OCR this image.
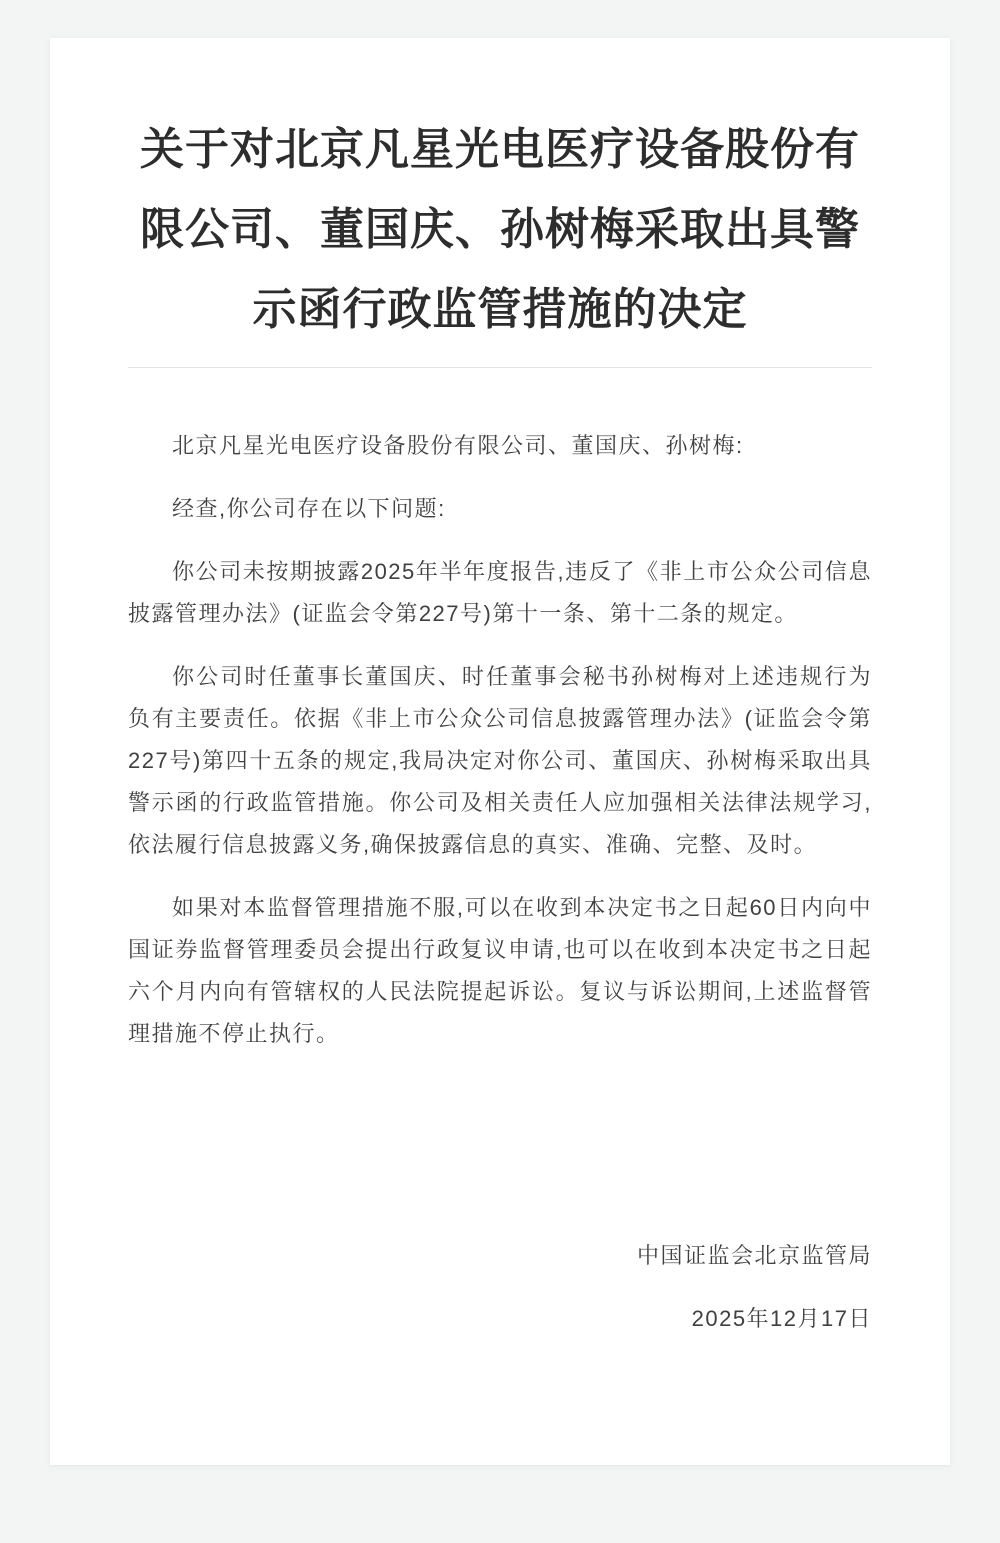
关于对北京凡星光电医疗设备股份有限公司、董国庆、孙树梅采取出具警示函行政监管措施的决定

北京凡星光电医疗设备股份有限公司、董国庆、孙树梅:

经查,你公司存在以下问题:

你公司未按期披露2025年半年度报告,违反了《非上市公众公司信息披露管理办法》(证监会令第227号)第十一条、第十二条的规定。

你公司时任董事长董国庆、时任董事会秘书孙树梅对上述违规行为负有主要责任。依据《非上市公众公司信息披露管理办法》(证监会令第227号)第四十五条的规定,我局决定对你公司、董国庆、孙树梅采取出具警示函的行政监管措施。你公司及相关责任人应加强相关法律法规学习,依法履行信息披露义务,确保披露信息的真实、准确、完整、及时。

如果对本监督管理措施不服,可以在收到本决定书之日起60日内向中国证券监督管理委员会提出行政复议申请,也可以在收到本决定书之日起六个月内向有管辖权的人民法院提起诉讼。复议与诉讼期间,上述监督管理措施不停止执行。

中国证监会北京监管局

2025年12月17日
